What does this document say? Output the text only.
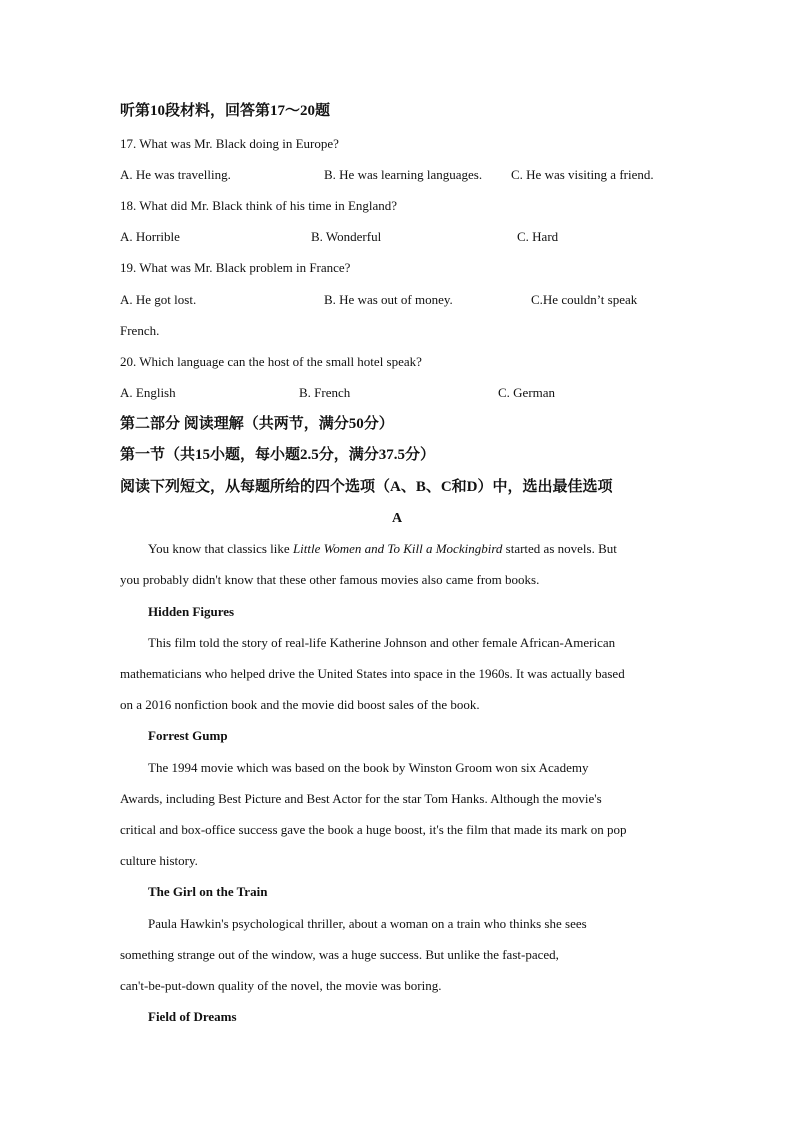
听第10段材料，回答第17～20题
17. What was Mr. Black doing in Europe?
A. He was travelling.	B. He was learning languages. C. He was visiting a friend.
18. What did Mr. Black think of his time in England?
A. Horrible	B. Wonderful	C. Hard
19. What was Mr. Black problem in France?
A. He got lost.	B. He was out of money.	C.He couldn’t speak
French.
20. Which language can the host of the small hotel speak?
A. English	B. French	C. German
第二部分 阅读理解（共两节，满分50分）
第一节（共15小题，每小题2.5分，满分37.5分）
阅读下列短文，从每题所给的四个选项（A、B、C和D）中，选出最佳选项
A
You know that classics like Little Women and To Kill a Mockingbird started as novels. But
you probably didn't know that these other famous movies also came from books.
Hidden Figures
This film told the story of real-life Katherine Johnson and other female African-American
mathematicians who helped drive the United States into space in the 1960s. It was actually based
on a 2016 nonfiction book and the movie did boost sales of the book.
Forrest Gump
The 1994 movie which was based on the book by Winston Groom won six Academy
Awards, including Best Picture and Best Actor for the star Tom Hanks. Although the movie's
critical and box-office success gave the book a huge boost, it's the film that made its mark on pop
culture history.
The Girl on the Train
Paula Hawkin's psychological thriller, about a woman on a train who thinks she sees
something strange out of the window, was a huge success. But unlike the fast-paced,
can't-be-put-down quality of the novel, the movie was boring.
Field of Dreams
